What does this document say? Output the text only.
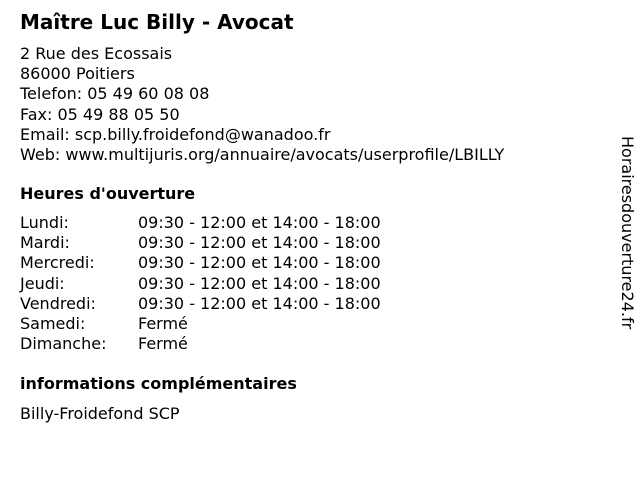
Maître Luc Billy - Avocat
2 Rue des Ecossais
86000 Poitiers
Telefon: 05 49 60 08 08
Fax: 05 49 88 05 50
Email: scp.billy.froidefond@wanadoo.fr
Web: www.multijuris.org/annuaire/avocats/userprofile/LBILLY
Heures d'ouverture
Lundi:	09:30 - 12:00 et 14:00 - 18:00
Mardi:	09:30 - 12:00 et 14:00 - 18:00
Mercredi:	09:30 - 12:00 et 14:00 - 18:00
Jeudi:	09:30 - 12:00 et 14:00 - 18:00
Vendredi:	09:30 - 12:00 et 14:00 - 18:00
Samedi:	Fermé
Dimanche: Fermé
informations complémentaires
Billy-Froidefond SCP
Horairesdouverture24.fr
